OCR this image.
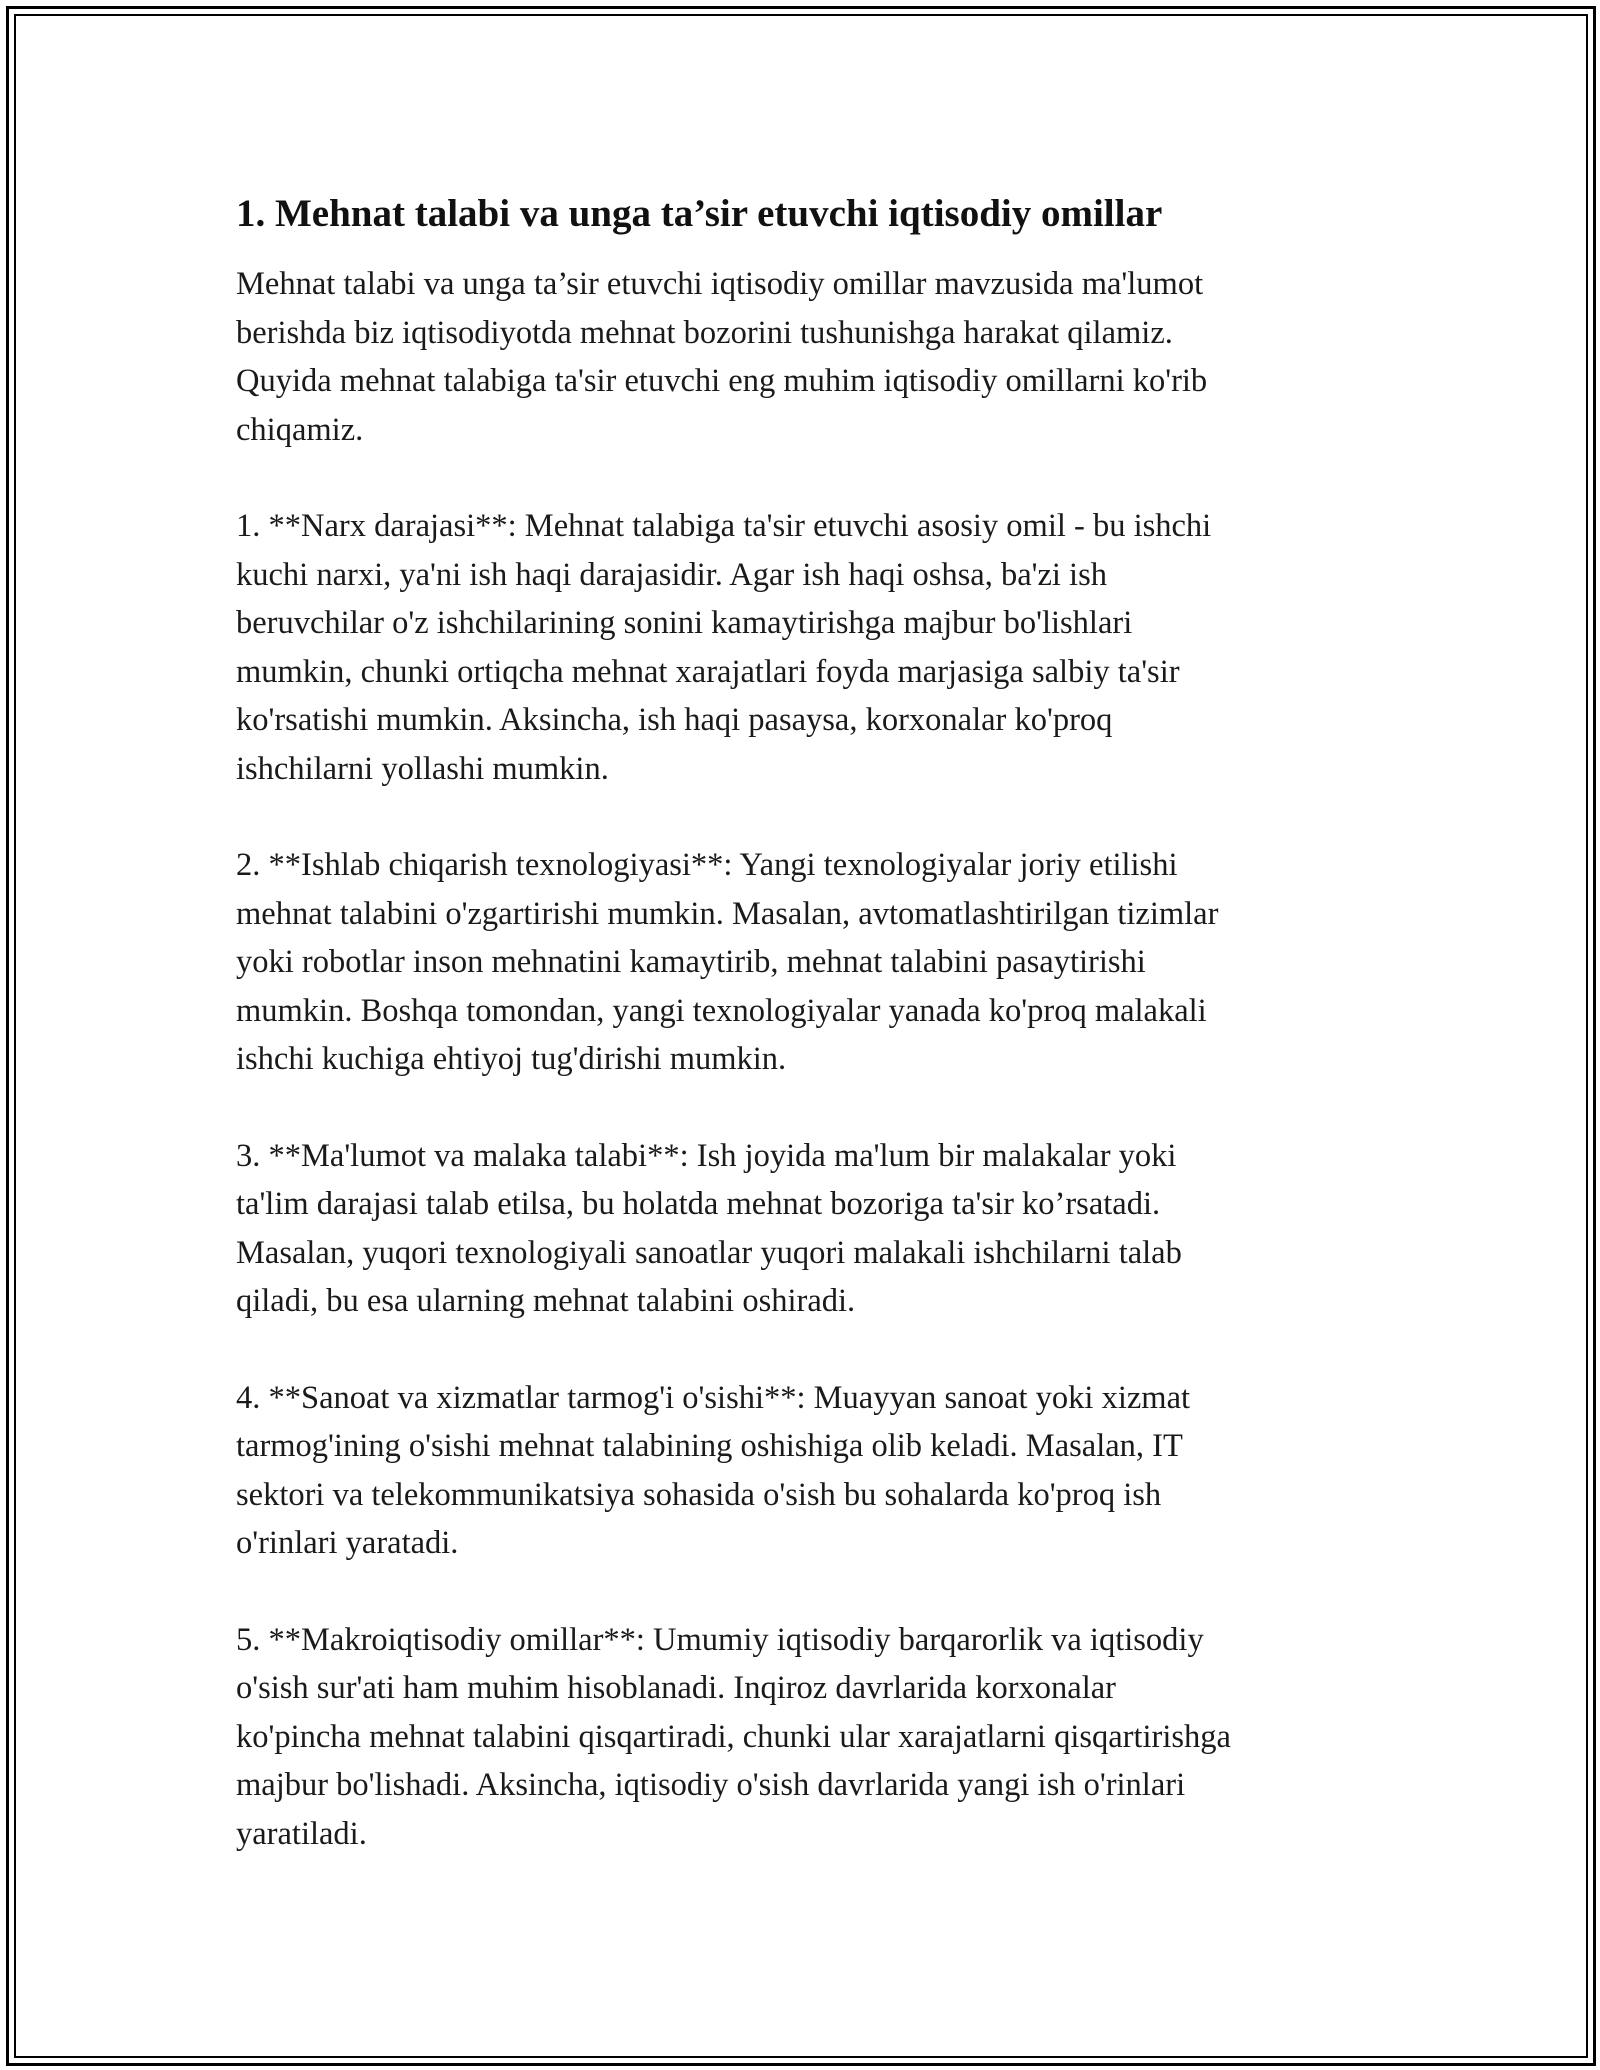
1. Mehnat talabi va unga ta’sir etuvchi iqtisodiy omillar

Mehnat talabi va unga ta’sir etuvchi iqtisodiy omillar mavzusida ma'lumot
berishda biz iqtisodiyotda mehnat bozorini tushunishga harakat qilamiz.
Quyida mehnat talabiga ta'sir etuvchi eng muhim iqtisodiy omillarni ko'rib
chiqamiz.

1. **Narx darajasi**: Mehnat talabiga ta'sir etuvchi asosiy omil - bu ishchi
kuchi narxi, ya'ni ish haqi darajasidir. Agar ish haqi oshsa, ba'zi ish
beruvchilar o'z ishchilarining sonini kamaytirishga majbur bo'lishlari
mumkin, chunki ortiqcha mehnat xarajatlari foyda marjasiga salbiy ta'sir
ko'rsatishi mumkin. Aksincha, ish haqi pasaysa, korxonalar ko'proq
ishchilarni yollashi mumkin.

2. **Ishlab chiqarish texnologiyasi**: Yangi texnologiyalar joriy etilishi
mehnat talabini o'zgartirishi mumkin. Masalan, avtomatlashtirilgan tizimlar
yoki robotlar inson mehnatini kamaytirib, mehnat talabini pasaytirishi
mumkin. Boshqa tomondan, yangi texnologiyalar yanada ko'proq malakali
ishchi kuchiga ehtiyoj tug'dirishi mumkin.

3. **Ma'lumot va malaka talabi**: Ish joyida ma'lum bir malakalar yoki
ta'lim darajasi talab etilsa, bu holatda mehnat bozoriga ta'sir ko’rsatadi.
Masalan, yuqori texnologiyali sanoatlar yuqori malakali ishchilarni talab
qiladi, bu esa ularning mehnat talabini oshiradi.

4. **Sanoat va xizmatlar tarmog'i o'sishi**: Muayyan sanoat yoki xizmat
tarmog'ining o'sishi mehnat talabining oshishiga olib keladi. Masalan, IT
sektori va telekommunikatsiya sohasida o'sish bu sohalarda ko'proq ish
o'rinlari yaratadi.

5. **Makroiqtisodiy omillar**: Umumiy iqtisodiy barqarorlik va iqtisodiy
o'sish sur'ati ham muhim hisoblanadi. Inqiroz davrlarida korxonalar
ko'pincha mehnat talabini qisqartiradi, chunki ular xarajatlarni qisqartirishga
majbur bo'lishadi. Aksincha, iqtisodiy o'sish davrlarida yangi ish o'rinlari
yaratiladi.
